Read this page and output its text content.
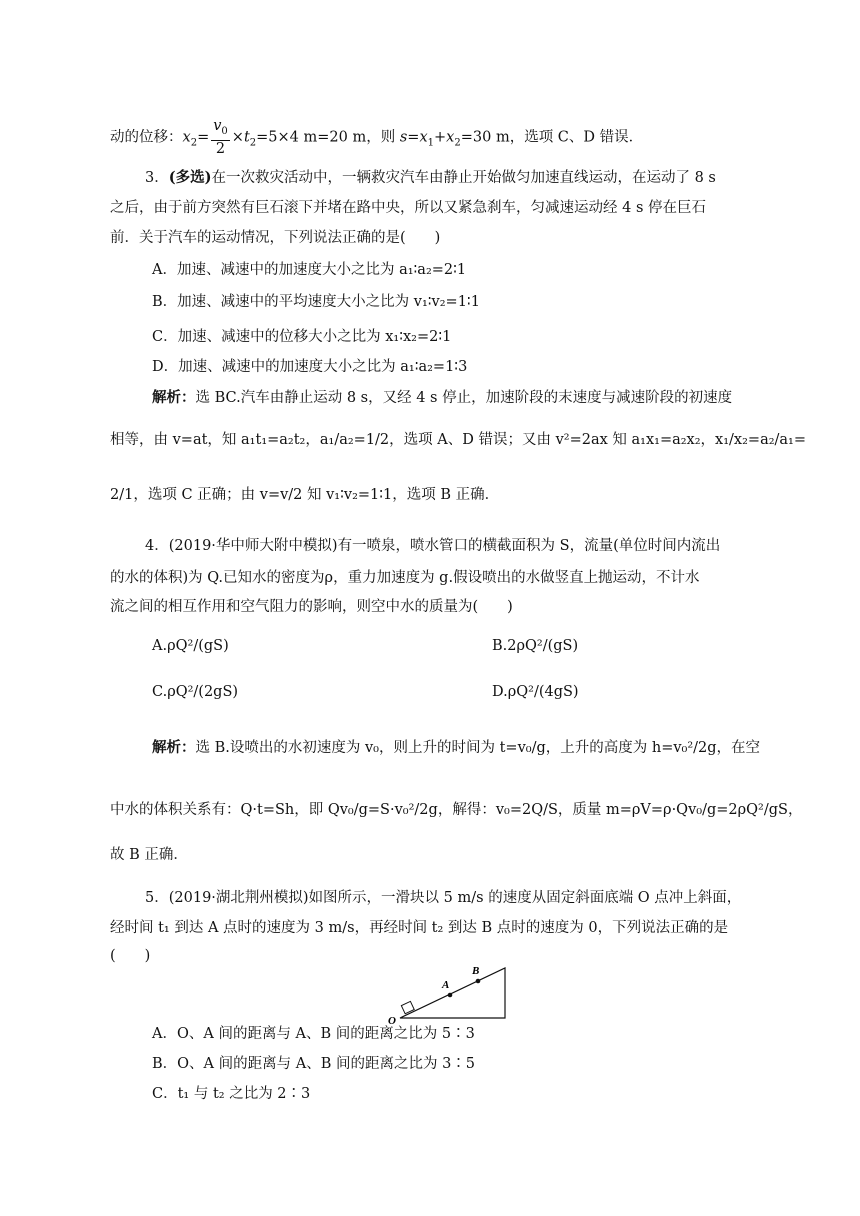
动的位移：$x_2= \frac{v_0}{2} \times t_2=5\times 4$ m=20 m，则 $s=x_1+x_2=30$ m，选项 C、D 错误．
3．(多选)在一次救灾活动中，一辆救灾汽车由静止开始做匀加速直线运动，在运动了 8 s
之后，由于前方突然有巨石滚下并堵在路中央，所以又紧急刹车，匀减速运动经 4 s 停在巨石
前．关于汽车的运动情况，下列说法正确的是(　　)
A．加速、减速中的加速度大小之比为 a₁∶a₂=2∶1
B．加速、减速中的平均速度大小之比为 v₁∶v₂=1∶1
C．加速、减速中的位移大小之比为 x₁∶x₂=2∶1
D．加速、减速中的加速度大小之比为 a₁∶a₂=1∶3
解析：选 BC.汽车由静止运动 8 s，又经 4 s 停止，加速阶段的末速度与减速阶段的初速度
相等，由 v=at，知 a₁t₁=a₂t₂，a₁/a₂=1/2，选项 A、D 错误；又由 v²=2ax 知 a₁x₁=a₂x₂，x₁/x₂=a₂/a₁=
2/1，选项 C 正确；由 v=v/2 知 v₁∶v₂=1∶1，选项 B 正确．
4．(2019·华中师大附中模拟)有一喷泉，喷水管口的横截面积为 S，流量(单位时间内流出
的水的体积)为 Q.已知水的密度为ρ，重力加速度为 g.假设喷出的水做竖直上抛运动，不计水
流之间的相互作用和空气阻力的影响，则空中水的质量为(　　)
A.ρQ²/(gS)	B.2ρQ²/(gS)
C.ρQ²/(2gS)	D.ρQ²/(4gS)
解析：选 B.设喷出的水初速度为 v₀，则上升的时间为 t=v₀/g，上升的高度为 h=v₀²/2g，在空
中水的体积关系有：Q·t=Sh，即 Qv₀/g=S·v₀²/2g，解得：v₀=2Q/S，质量 m=ρV=ρ·Qv₀/g=2ρQ²/gS，
故 B 正确．
5．(2019·湖北荆州模拟)如图所示，一滑块以 5 m/s 的速度从固定斜面底端 O 点冲上斜面，
经时间 t₁ 到达 A 点时的速度为 3 m/s，再经时间 t₂ 到达 B 点时的速度为 0，下列说法正确的是
(　　)
O
A
B
A．O、A 间的距离与 A、B 间的距离之比为 5∶3
B．O、A 间的距离与 A、B 间的距离之比为 3∶5
C．t₁ 与 t₂ 之比为 2∶3
